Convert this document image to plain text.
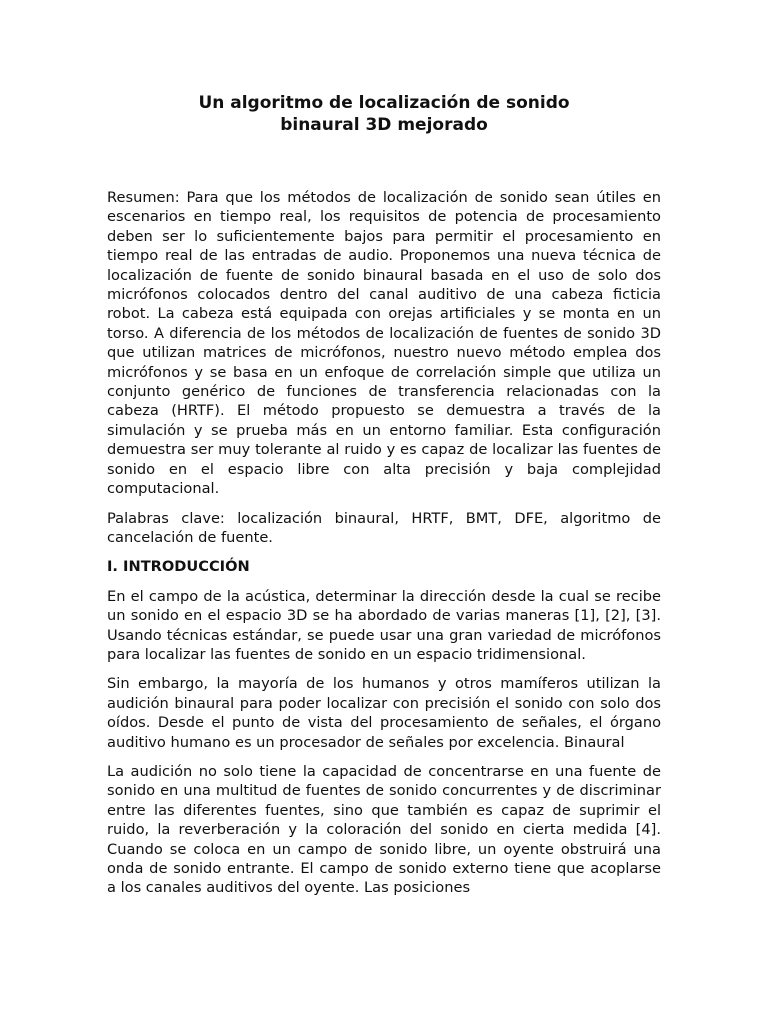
Un algoritmo de localización de sonido binaural 3D mejorado

Resumen: Para que los métodos de localización de sonido sean útiles en escenarios en tiempo real, los requisitos de potencia de procesamiento deben ser lo suficientemente bajos para permitir el procesamiento en tiempo real de las entradas de audio. Proponemos una nueva técnica de localización de fuente de sonido binaural basada en el uso de solo dos micrófonos colocados dentro del canal auditivo de una cabeza ficticia robot. La cabeza está equipada con orejas artificiales y se monta en un torso. A diferencia de los métodos de localización de fuentes de sonido 3D que utilizan matrices de micrófonos, nuestro nuevo método emplea dos micrófonos y se basa en un enfoque de correlación simple que utiliza un conjunto genérico de funciones de transferencia relacionadas con la cabeza (HRTF). El método propuesto se demuestra a través de la simulación y se prueba más en un entorno familiar. Esta configuración demuestra ser muy tolerante al ruido y es capaz de localizar las fuentes de sonido en el espacio libre con alta precisión y baja complejidad computacional.

Palabras clave: localización binaural, HRTF, BMT, DFE, algoritmo de cancelación de fuente.

I. INTRODUCCIÓN

En el campo de la acústica, determinar la dirección desde la cual se recibe un sonido en el espacio 3D se ha abordado de varias maneras [1], [2], [3]. Usando técnicas estándar, se puede usar una gran variedad de micrófonos para localizar las fuentes de sonido en un espacio tridimensional.

Sin embargo, la mayoría de los humanos y otros mamíferos utilizan la audición binaural para poder localizar con precisión el sonido con solo dos oídos. Desde el punto de vista del procesamiento de señales, el órgano auditivo humano es un procesador de señales por excelencia. Binaural

La audición no solo tiene la capacidad de concentrarse en una fuente de sonido en una multitud de fuentes de sonido concurrentes y de discriminar entre las diferentes fuentes, sino que también es capaz de suprimir el ruido, la reverberación y la coloración del sonido en cierta medida [4]. Cuando se coloca en un campo de sonido libre, un oyente obstruirá una onda de sonido entrante. El campo de sonido externo tiene que acoplarse a los canales auditivos del oyente. Las posiciones
